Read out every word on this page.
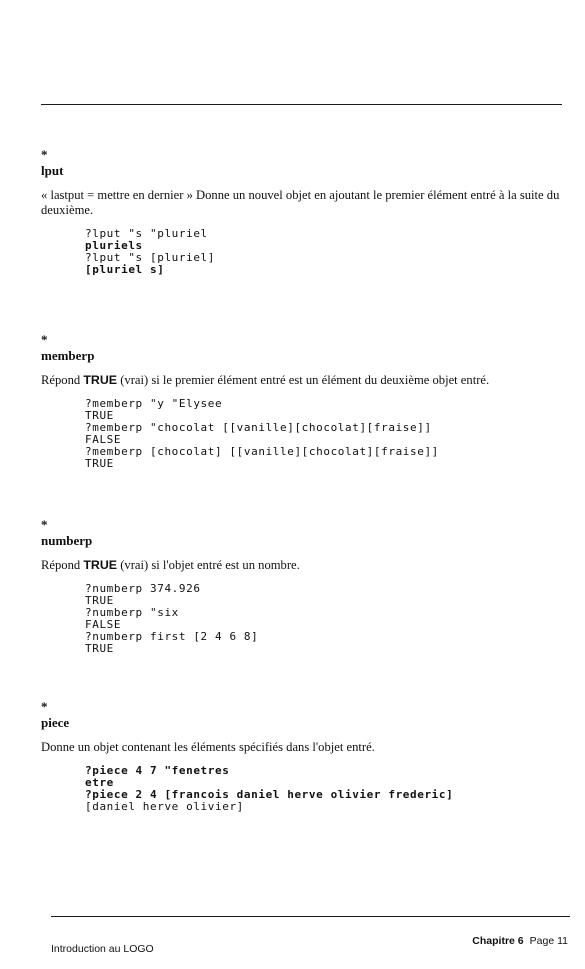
*
lput
« lastput = mettre en dernier » Donne un nouvel objet en ajoutant le premier élément entré à la suite du deuxième.
?lput "s "pluriel
pluriels
?lput "s [pluriel]
[pluriel s]
*
memberp
Répond TRUE (vrai) si le premier élément entré est un élément du deuxième objet entré.
?memberp "y "Elysee
TRUE
?memberp "chocolat [[vanille][chocolat][fraise]]
FALSE
?memberp [chocolat] [[vanille][chocolat][fraise]]
TRUE
*
numberp
Répond TRUE (vrai) si l'objet entré est un nombre.
?numberp 374.926
TRUE
?numberp "six
FALSE
?numberp first [2 4 6 8]
TRUE
*
piece
Donne un objet contenant les éléments spécifiés dans l'objet entré.
?piece 4 7 "fenetres
etre
?piece 2 4 [francois daniel herve olivier frederic]
[daniel herve olivier]
Introduction au LOGO
Chapitre 6 Page 11
